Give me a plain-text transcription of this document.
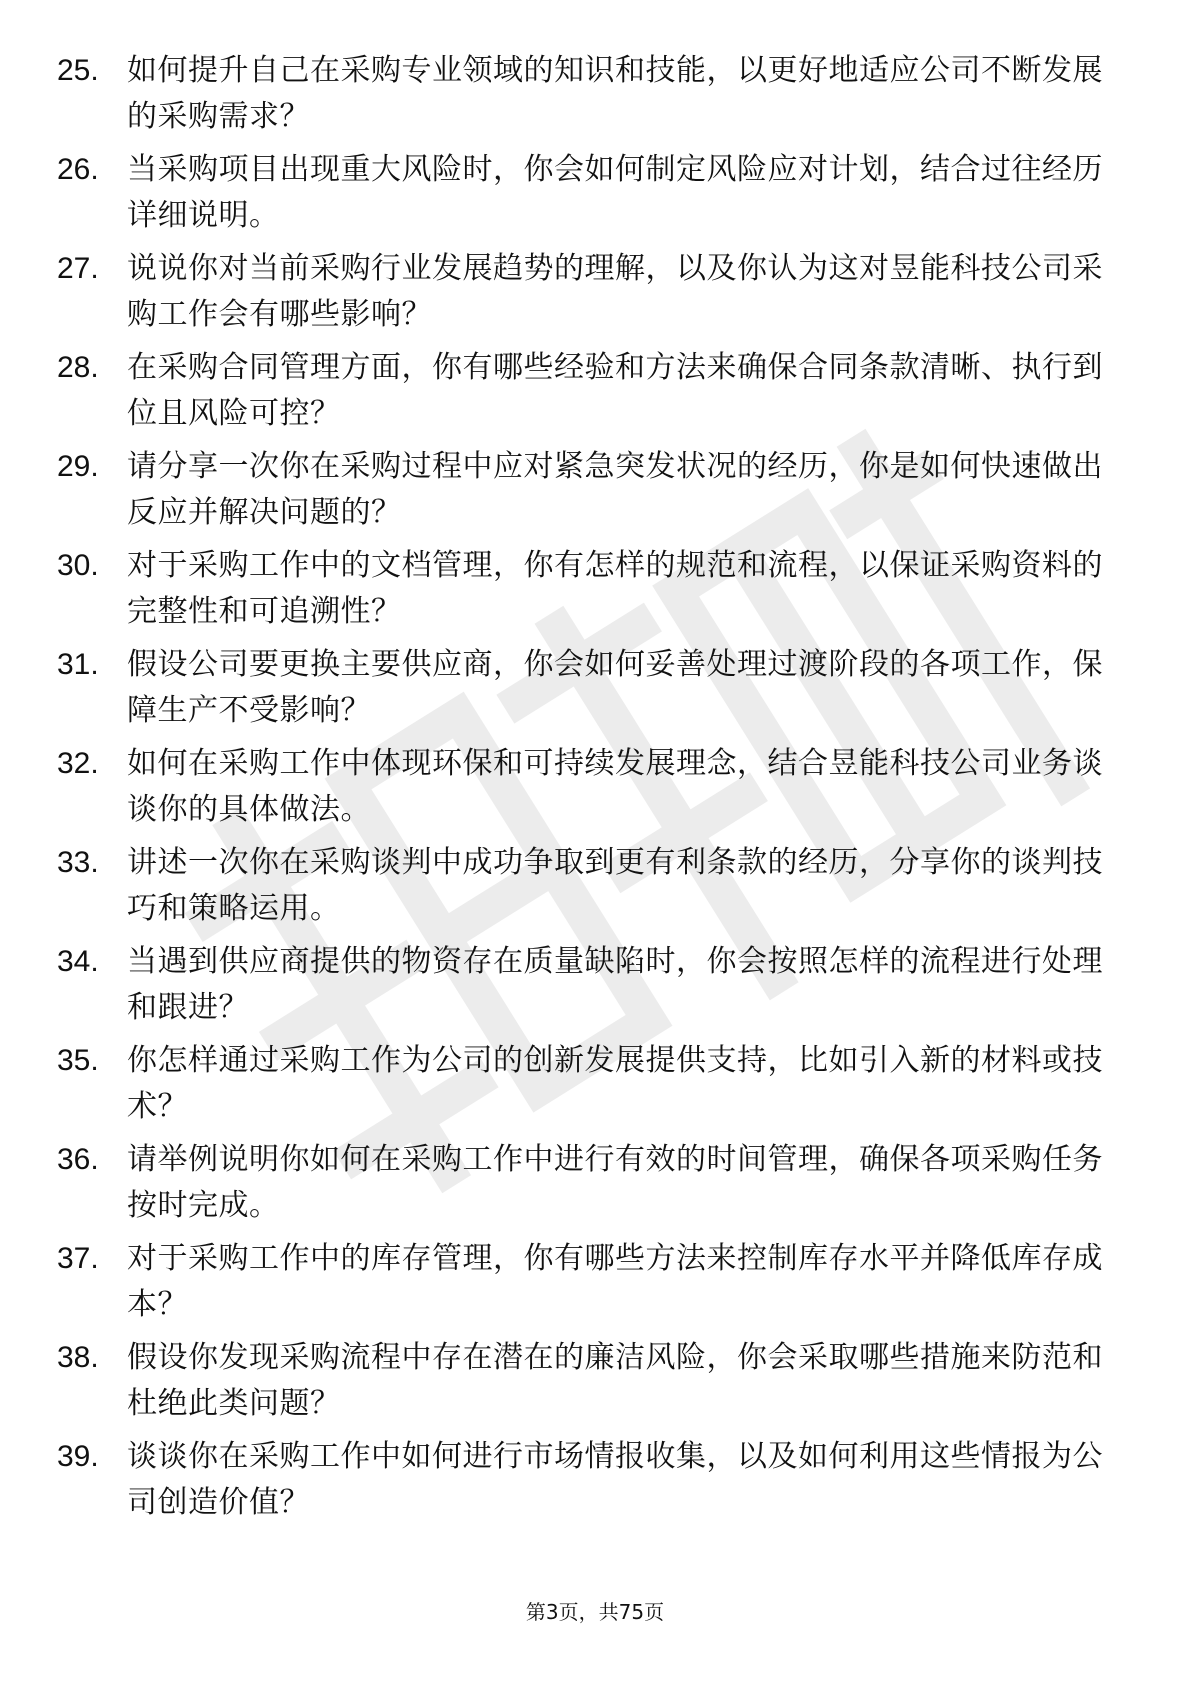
25. 如何提升自己在采购专业领域的知识和技能，以更好地适应公司不断发展的采购需求？
26. 当采购项目出现重大风险时，你会如何制定风险应对计划，结合过往经历详细说明。
27. 说说你对当前采购行业发展趋势的理解，以及你认为这对昱能科技公司采购工作会有哪些影响？
28. 在采购合同管理方面，你有哪些经验和方法来确保合同条款清晰、执行到位且风险可控？
29. 请分享一次你在采购过程中应对紧急突发状况的经历，你是如何快速做出反应并解决问题的？
30. 对于采购工作中的文档管理，你有怎样的规范和流程，以保证采购资料的完整性和可追溯性？
31. 假设公司要更换主要供应商，你会如何妥善处理过渡阶段的各项工作，保障生产不受影响？
32. 如何在采购工作中体现环保和可持续发展理念，结合昱能科技公司业务谈谈你的具体做法。
33. 讲述一次你在采购谈判中成功争取到更有利条款的经历，分享你的谈判技巧和策略运用。
34. 当遇到供应商提供的物资存在质量缺陷时，你会按照怎样的流程进行处理和跟进？
35. 你怎样通过采购工作为公司的创新发展提供支持，比如引入新的材料或技术？
36. 请举例说明你如何在采购工作中进行有效的时间管理，确保各项采购任务按时完成。
37. 对于采购工作中的库存管理，你有哪些方法来控制库存水平并降低库存成本？
38. 假设你发现采购流程中存在潜在的廉洁风险，你会采取哪些措施来防范和杜绝此类问题？
39. 谈谈你在采购工作中如何进行市场情报收集，以及如何利用这些情报为公司创造价值？
第3页，共75页
